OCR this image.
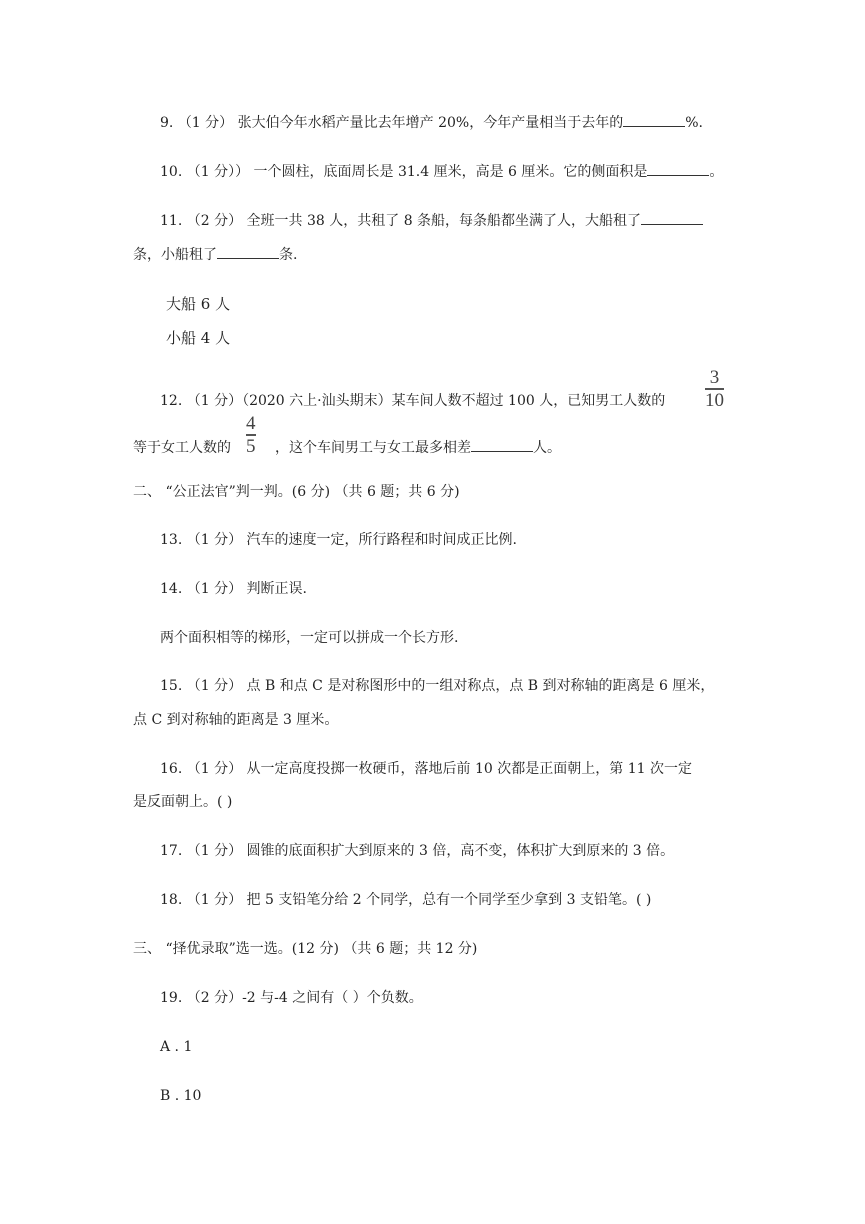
9. （1 分） 张大伯今年水稻产量比去年增产 20%，今年产量相当于去年的	%.
10. （1 分）） 一个圆柱，底面周长是 31.4 厘米，高是 6 厘米。它的侧面积是	。
11. （2 分） 全班一共 38 人，共租了 8 条船，每条船都坐满了人，大船租了
条，小船租了	条.
大船 6 人
小船 4 人
12. （1 分）（2020 六上·汕头期末）某车间人数不超过 100 人，已知男工人数的
3
10
等于女工人数的	，这个车间男工与女工最多相差	人。
4
5
二、 “公正法官”判一判。(6 分) （共 6 题；共 6 分)
13. （1 分） 汽车的速度一定，所行路程和时间成正比例.
14. （1 分） 判断正误.
两个面积相等的梯形，一定可以拼成一个长方形.
15. （1 分） 点 B 和点 C 是对称图形中的一组对称点，点 B 到对称轴的距离是 6 厘米，
点 C 到对称轴的距离是 3 厘米。
16. （1 分） 从一定高度投掷一枚硬币，落地后前 10 次都是正面朝上，第 11 次一定
是反面朝上。( )
17. （1 分） 圆锥的底面积扩大到原来的 3 倍，高不变，体积扩大到原来的 3 倍。
18. （1 分） 把 5 支铅笔分给 2 个同学，总有一个同学至少拿到 3 支铅笔。( )
三、 “择优录取”选一选。(12 分) （共 6 题；共 12 分)
19. （2 分）-2 与-4 之间有（ ）个负数。
A . 1
B . 10
